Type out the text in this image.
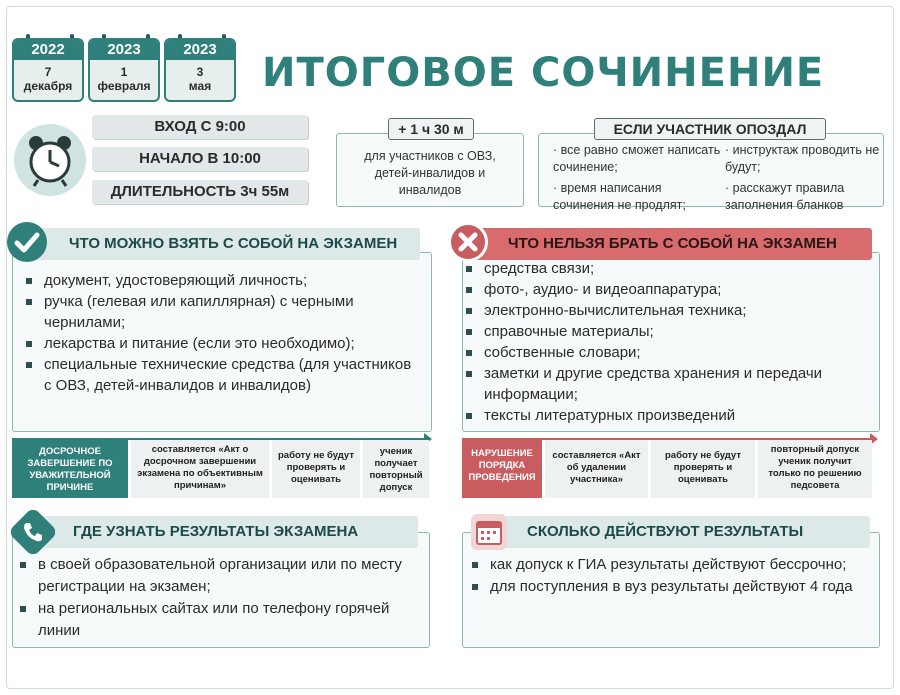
2022
7
декабря
2023
1
февраля
2023
3
мая	ИТОГОВОЕ СОЧИНЕНИЕ
ВХОД С 9:00
НАЧАЛО В 10:00
ДЛИТЕЛЬНОСТЬ 3ч 55м
для участников с ОВЗ, детей-инвалидов и инвалидов
+ 1 ч 30 м
· все равно сможет написать сочинение;
· время написания сочинения не продлят;
· инструктаж проводить не будут;
· расскажут правила заполнения бланков
ЕСЛИ УЧАСТНИК ОПОЗДАЛ
ЧТО МОЖНО ВЗЯТЬ С СОБОЙ НА ЭКЗАМЕН
документ, удостоверяющий личность;
ручка (гелевая или капиллярная) с черными чернилами;
лекарства и питание (если это необходимо);
специальные технические средства (для участников с ОВЗ, детей-инвалидов и инвалидов)
ЧТО НЕЛЬЗЯ БРАТЬ С СОБОЙ НА ЭКЗАМЕН
средства связи;
фото-, аудио- и видеоаппаратура;
электронно-вычислительная техника;
справочные материалы;
собственные словари;
заметки и другие средства хранения и передачи информации;
тексты литературных произведений
ДОСРОЧНОЕ ЗАВЕРШЕНИЕ ПО УВАЖИТЕЛЬНОЙ ПРИЧИНЕ
составляется «Акт о досрочном завершении экзамена по объективным причинам»
работу не будут проверять и оценивать
ученик получает повторный допуск
НАРУШЕНИЕ ПОРЯДКА ПРОВЕДЕНИЯ
составляется «Акт об удалении участника»
работу не будут проверять и оценивать
повторный допуск ученик получит только по решению педсовета
ГДЕ УЗНАТЬ РЕЗУЛЬТАТЫ ЭКЗАМЕНА
в своей образовательной организации или по месту регистрации на экзамен;
на региональных сайтах или по телефону горячей линии
СКОЛЬКО ДЕЙСТВУЮТ РЕЗУЛЬТАТЫ
как допуск к ГИА результаты действуют бессрочно;
для поступления в вуз результаты действуют 4 года
